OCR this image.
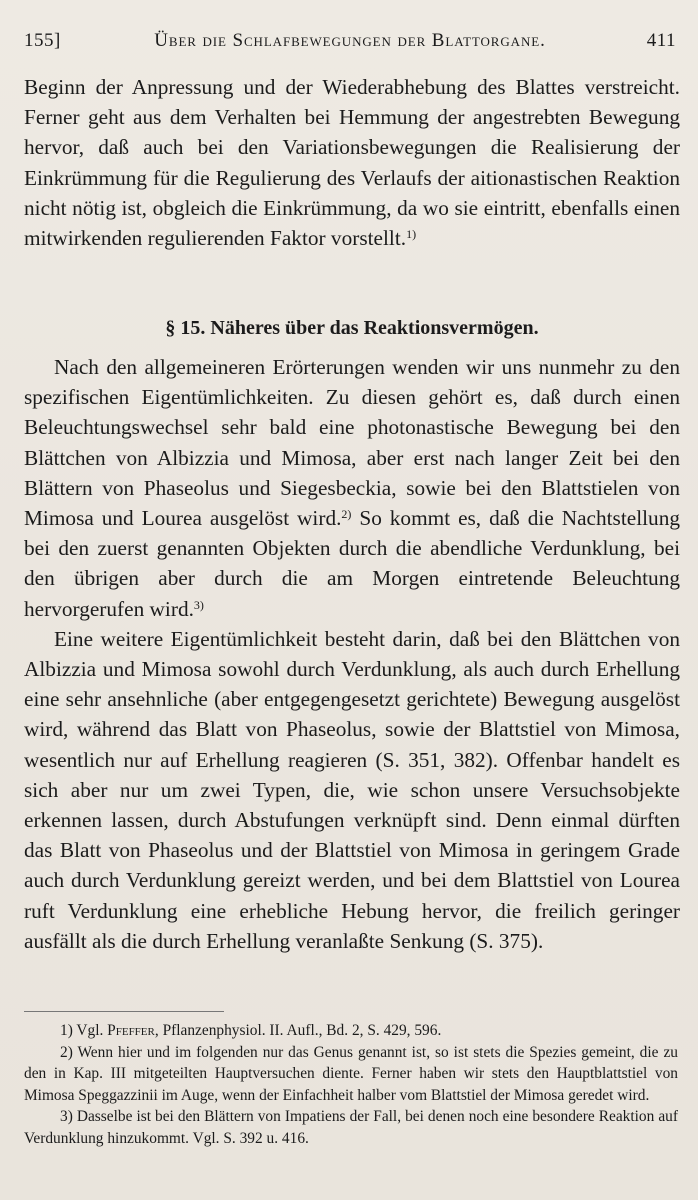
155]	Über die Schlafbewegungen der Blattorgane.	411

Beginn der Anpressung und der Wiederabhebung des Blattes verstreicht. Ferner geht aus dem Verhalten bei Hemmung der angestrebten Bewegung hervor, daß auch bei den Variationsbewegungen die Realisierung der Einkrümmung für die Regulierung des Verlaufs der aitionastischen Reaktion nicht nötig ist, obgleich die Einkrümmung, da wo sie eintritt, ebenfalls einen mitwirkenden regulierenden Faktor vorstellt.$^{1)}$

§ 15. Näheres über das Reaktionsvermögen.

Nach den allgemeineren Erörterungen wenden wir uns nunmehr zu den spezifischen Eigentümlichkeiten. Zu diesen gehört es, daß durch einen Beleuchtungswechsel sehr bald eine photonastische Bewegung bei den Blättchen von Albizzia und Mimosa, aber erst nach langer Zeit bei den Blättern von Phaseolus und Siegesbeckia, sowie bei den Blattstielen von Mimosa und Lourea ausgelöst wird.$^{2)}$ So kommt es, daß die Nachtstellung bei den zuerst genannten Objekten durch die abendliche Verdunklung, bei den übrigen aber durch die am Morgen eintretende Beleuchtung hervorgerufen wird.$^{3)}$

Eine weitere Eigentümlichkeit besteht darin, daß bei den Blättchen von Albizzia und Mimosa sowohl durch Verdunklung, als auch durch Erhellung eine sehr ansehnliche (aber entgegengesetzt gerichtete) Bewegung ausgelöst wird, während das Blatt von Phaseolus, sowie der Blattstiel von Mimosa, wesentlich nur auf Erhellung reagieren (S. 351, 382). Offenbar handelt es sich aber nur um zwei Typen, die, wie schon unsere Versuchsobjekte erkennen lassen, durch Abstufungen verknüpft sind. Denn einmal dürften das Blatt von Phaseolus und der Blattstiel von Mimosa in geringem Grade auch durch Verdunklung gereizt werden, und bei dem Blattstiel von Lourea ruft Verdunklung eine erhebliche Hebung hervor, die freilich geringer ausfällt als die durch Erhellung veranlaßte Senkung (S. 375).

1) Vgl. Pfeffer, Pflanzenphysiol. II. Aufl., Bd. 2, S. 429, 596.

2) Wenn hier und im folgenden nur das Genus genannt ist, so ist stets die Spezies gemeint, die zu den in Kap. III mitgeteilten Hauptversuchen diente. Ferner haben wir stets den Hauptblattstiel von Mimosa Speggazzinii im Auge, wenn der Einfachheit halber vom Blattstiel der Mimosa geredet wird.

3) Dasselbe ist bei den Blättern von Impatiens der Fall, bei denen noch eine besondere Reaktion auf Verdunklung hinzukommt. Vgl. S. 392 u. 416.
